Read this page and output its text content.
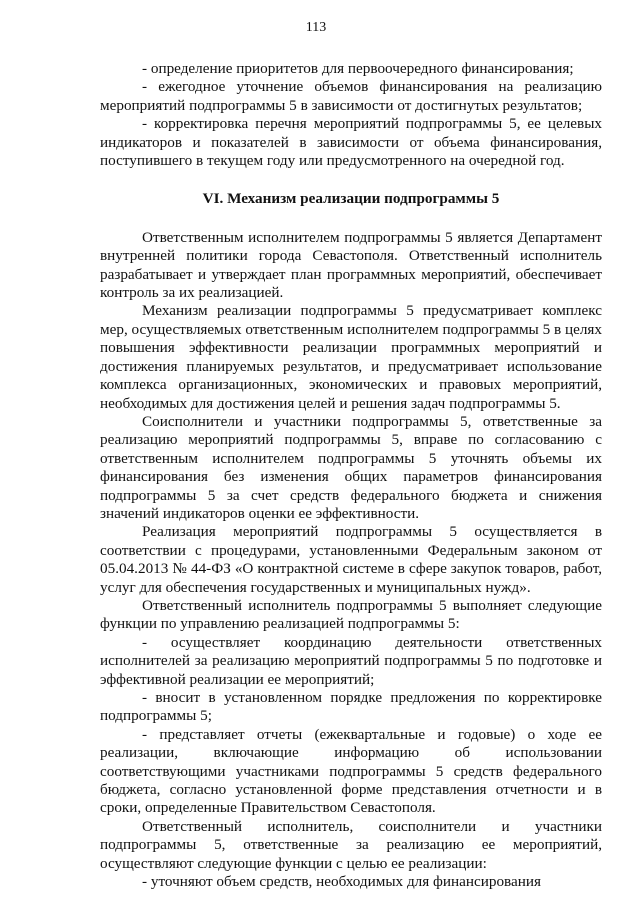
113

- определение приоритетов для первоочередного финансирования;

- ежегодное уточнение объемов финансирования на реализацию мероприятий подпрограммы 5 в зависимости от достигнутых результатов;

- корректировка перечня мероприятий подпрограммы 5, ее целевых индикаторов и показателей в зависимости от объема финансирования, поступившего в текущем году или предусмотренного на очередной год.

VI. Механизм реализации подпрограммы 5

Ответственным исполнителем подпрограммы 5 является Департамент внутренней политики города Севастополя. Ответственный исполнитель разрабатывает и утверждает план программных мероприятий, обеспечивает контроль за их реализацией.

Механизм реализации подпрограммы 5 предусматривает комплекс мер, осуществляемых ответственным исполнителем подпрограммы 5 в целях повышения эффективности реализации программных мероприятий и достижения планируемых результатов, и предусматривает использование комплекса организационных, экономических и правовых мероприятий, необходимых для достижения целей и решения задач подпрограммы 5.

Соисполнители и участники подпрограммы 5, ответственные за реализацию мероприятий подпрограммы 5, вправе по согласованию с ответственным исполнителем подпрограммы 5 уточнять объемы их финансирования без изменения общих параметров финансирования подпрограммы 5 за счет средств федерального бюджета и снижения значений индикаторов оценки ее эффективности.

Реализация мероприятий подпрограммы 5 осуществляется в соответствии с процедурами, установленными Федеральным законом от 05.04.2013 № 44-ФЗ «О контрактной системе в сфере закупок товаров, работ, услуг для обеспечения государственных и муниципальных нужд».

Ответственный исполнитель подпрограммы 5 выполняет следующие функции по управлению реализацией подпрограммы 5:

- осуществляет координацию деятельности ответственных исполнителей за реализацию мероприятий подпрограммы 5 по подготовке и эффективной реализации ее мероприятий;

- вносит в установленном порядке предложения по корректировке подпрограммы 5;

- представляет отчеты (ежеквартальные и годовые) о ходе ее реализации, включающие информацию об использовании соответствующими участниками подпрограммы 5 средств федерального бюджета, согласно установленной форме представления отчетности и в сроки, определенные Правительством Севастополя.

Ответственный исполнитель, соисполнители и участники подпрограммы 5, ответственные за реализацию ее мероприятий, осуществляют следующие функции с целью ее реализации:

- уточняют объем средств, необходимых для финансирования
